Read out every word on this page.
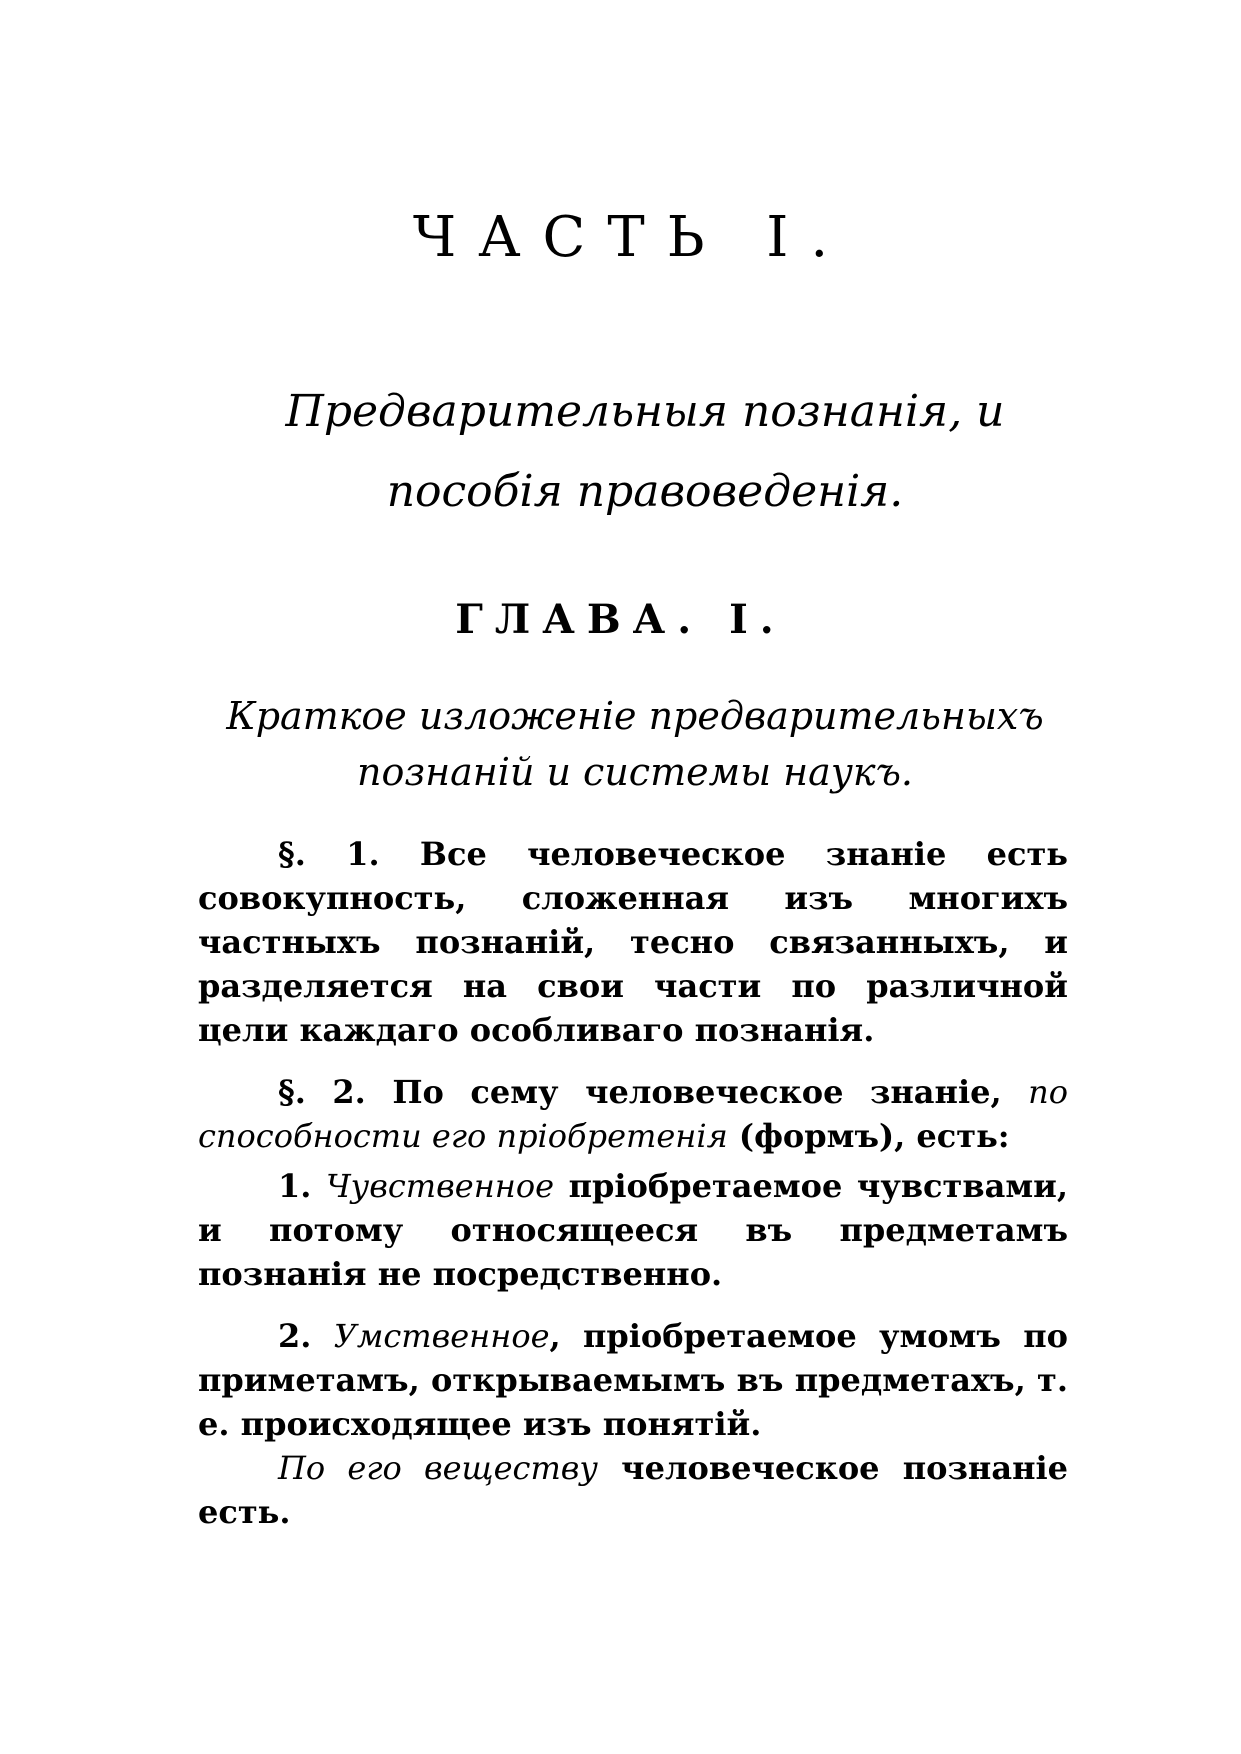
ЧАСТЬ I.
Предварительныя познанія, и пособія правоведенія.
ГЛАВА. I.
Краткое изложеніе предварительныхъ познаній и системы наукъ.

§. 1. Все человеческое знаніе есть совокупность, сложенная изъ многихъ частныхъ познаній, тесно связанныхъ, и разделяется на свои части по различной цели каждаго особливаго познанія.

§. 2. По сему человеческое знаніе, по способности его пріобретенія (формъ), есть:

1. Чувственное пріобретаемое чувствами, и потому относящееся въ предметамъ познанія не посредственно.

2. Умственное, пріобретаемое умомъ по приметамъ, открываемымъ въ предметахъ, т. е. происходящее изъ понятій.

По его веществу человеческое познаніе есть.
